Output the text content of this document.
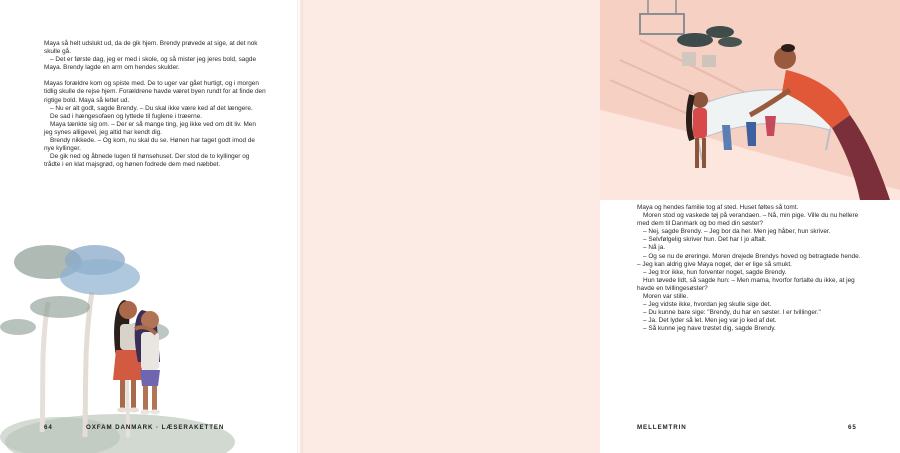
Maya så helt udslukt ud, da de gik hjem. Brendy prøvede at sige, at det nok skulle gå.

– Det er første dag, jeg er med i skole, og så mister jeg jeres bold, sagde Maya. Brendy lagde en arm om hendes skulder.

Mayas forældre kom og spiste med. De to uger var gået hurtigt, og i morgen tidlig skulle de rejse hjem. Forældrene havde været byen rundt for at finde den rigtige bold. Maya så lettet ud.

– Nu er alt godt, sagde Brendy. – Du skal ikke være ked af det længere.

De sad i hængesofaen og lyttede til fuglene i træerne.

Maya tænkte sig om. – Der er så mange ting, jeg ikke ved om dit liv. Men jeg synes alligevel, jeg altid har kendt dig.

Brendy nikkede. – Og kom, nu skal du se. Hønen har taget godt imod de nye kyllinger.

De gik ned og åbnede lugen til hønsehuset. Der stod de to kyllinger og trådte i en klat majsgrød, og hønen fodrede dem med næbbet.

64	OXFAM DANMARK · LÆSERAKETTEN

Maya og hendes familie tog af sted. Huset føltes så tomt.

Moren stod og vaskede tøj på verandaen. – Nå, min pige. Ville du nu hellere med dem til Danmark og bo med din søster?

– Nej, sagde Brendy. – Jeg bor da her. Men jeg håber, hun skriver.

– Selvfølgelig skriver hun. Det har I jo aftalt.

– Nå ja.

– Og se nu de øreringe. Moren drejede Brendys hoved og betragtede hende. – Jeg kan aldrig give Maya noget, der er lige så smukt.

– Jeg tror ikke, hun forventer noget, sagde Brendy.

Hun tøvede lidt, så sagde hun: – Men mama, hvorfor fortalte du ikke, at jeg havde en tvillingesøster?

Moren var stille.

– Jeg vidste ikke, hvordan jeg skulle sige det.

– Du kunne bare sige: "Brendy, du har en søster. I er tvillinger."

– Ja. Det lyder så let. Men jeg var jo ked af det.

– Så kunne jeg have trøstet dig, sagde Brendy.

MELLEMTRIN	65
